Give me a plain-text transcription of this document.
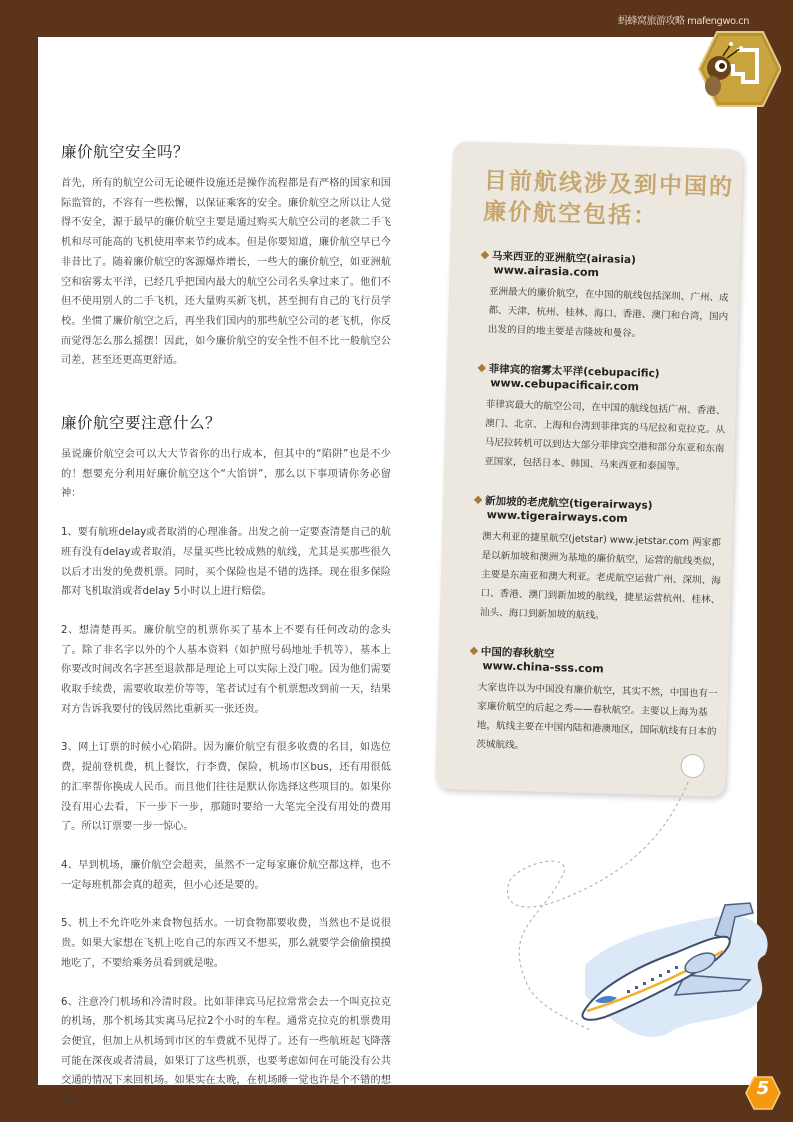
蚂蜂窝旅游攻略 mafengwo.cn
廉价航空安全吗？

首先，所有的航空公司无论硬件设施还是操作流程都是有严格的国家和国际监管的，不容有一些松懈，以保证乘客的安全。廉价航空之所以让人觉得不安全，源于最早的廉价航空主要是通过购买大航空公司的老款二手飞机和尽可能高的飞机使用率来节约成本。但是你要知道，廉价航空早已今非昔比了。随着廉价航空的客源爆炸增长，一些大的廉价航空，如亚洲航空和宿雾太平洋，已经几乎把国内最大的航空公司名头拿过来了。他们不但不使用别人的二手飞机，还大量购买新飞机，甚至拥有自己的飞行员学校。坐惯了廉价航空之后，再坐我们国内的那些航空公司的老飞机，你反而觉得怎么那么摇摆！因此，如今廉价航空的安全性不但不比一般航空公司差，甚至还更高更舒适。

廉价航空要注意什么？

虽说廉价航空会可以大大节省你的出行成本，但其中的“陷阱”也是不少的！想要充分利用好廉价航空这个“大馅饼”，那么以下事项请你务必留神：

1、要有航班delay或者取消的心理准备。出发之前一定要查清楚自己的航班有没有delay或者取消，尽量买些比较成熟的航线，尤其是买那些很久以后才出发的免费机票。同时，买个保险也是不错的选择。现在很多保险都对飞机取消或者delay 5小时以上进行赔偿。

2、想清楚再买。廉价航空的机票你买了基本上不要有任何改动的念头了。除了非名字以外的个人基本资料（如护照号码地址手机等），基本上你要改时间改名字甚至退款都是理论上可以实际上没门啦。因为他们需要收取手续费，需要收取差价等等，笔者试过有个机票想改到前一天，结果对方告诉我要付的钱居然比重新买一张还贵。

3、网上订票的时候小心陷阱。因为廉价航空有很多收费的名目，如选位费，提前登机费，机上餐饮，行李费，保险，机场市区bus，还有用很低的汇率帮你换成人民币。而且他们往往是默认你选择这些项目的。如果你没有用心去看，下一步下一步，那随时要给一大笔完全没有用处的费用了。所以订票要一步一惊心。

4、早到机场，廉价航空会超卖，虽然不一定每家廉价航空都这样，也不一定每班机都会真的超卖，但小心还是要的。

5、机上不允许吃外来食物包括水。一切食物都要收费，当然也不是说很贵。如果大家想在飞机上吃自己的东西又不想买，那么就要学会偷偷摸摸地吃了，不要给乘务员看到就是啦。

6、注意冷门机场和冷清时段。比如菲律宾马尼拉常常会去一个叫克拉克的机场，那个机场其实离马尼拉2个小时的车程。通常克拉克的机票费用会便宜，但加上从机场到市区的车费就不见得了。还有一些航班起飞降落可能在深夜或者清晨，如果订了这些机票，也要考虑如何在可能没有公共交通的情况下来回机场。如果实在太晚，在机场睡一觉也许是个不错的想法。

目前航线涉及到中国的廉价航空包括：
马来西亚的亚洲航空(airasia)
www.airasia.com
亚洲最大的廉价航空，在中国的航线包括深圳、广州、成都、天津、杭州、桂林、海口、香港、澳门和台湾，国内出发的目的地主要是吉隆坡和曼谷。
菲律宾的宿雾太平洋(cebupacific)
www.cebupacificair.com
菲律宾最大的航空公司，在中国的航线包括广州、香港、澳门、北京、上海和台湾到菲律宾的马尼拉和克拉克。从马尼拉转机可以到达大部分菲律宾空港和部分东亚和东南亚国家，包括日本、韩国、马来西亚和泰国等。
新加坡的老虎航空(tigerairways)
www.tigerairways.com
澳大利亚的捷星航空(jetstar) www.jetstar.com 两家都是以新加坡和澳洲为基地的廉价航空，运营的航线类似，主要是东南亚和澳大利亚。老虎航空运营广州、深圳、海口、香港、澳门到新加坡的航线，捷星运营杭州、桂林、汕头、海口到新加坡的航线。
中国的春秋航空
www.china-sss.com
大家也许以为中国没有廉价航空，其实不然，中国也有一家廉价航空的后起之秀——春秋航空。主要以上海为基地，航线主要在中国内陆和港澳地区，国际航线有日本的茨城航线。
5
